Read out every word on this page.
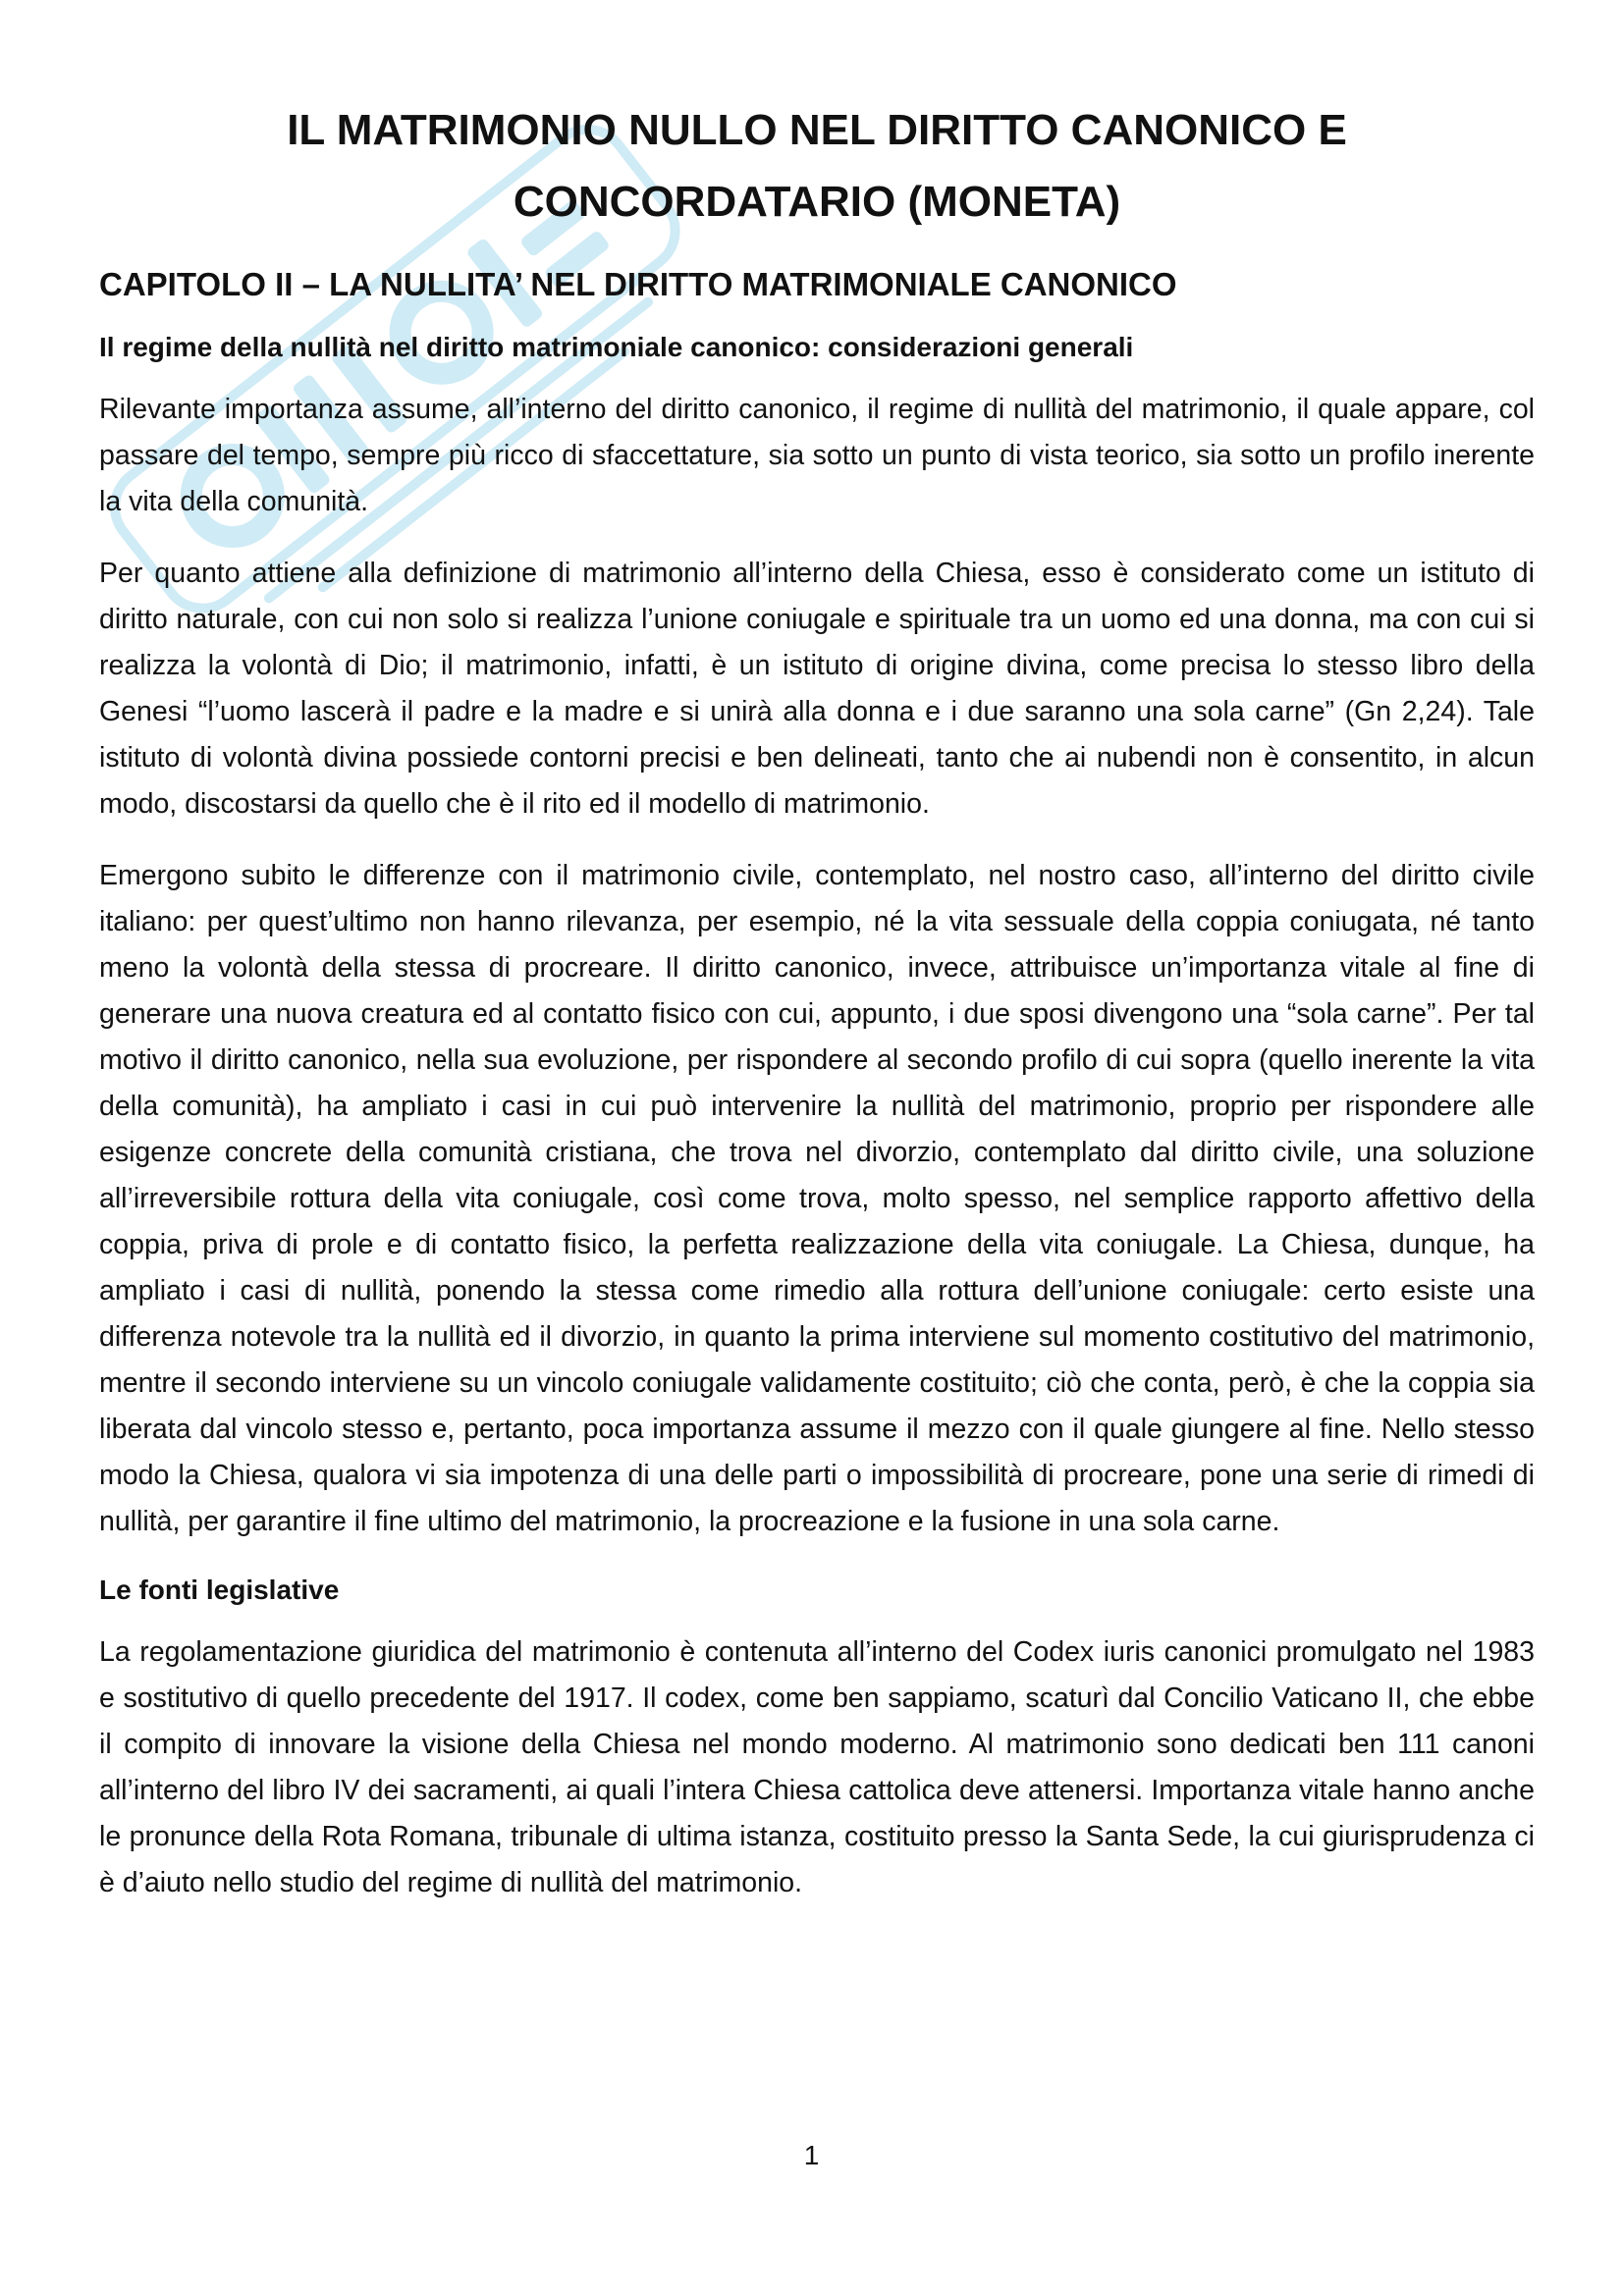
IL MATRIMONIO NULLO NEL DIRITTO CANONICO E CONCORDATARIO (MONETA)
CAPITOLO II – LA NULLITA’ NEL DIRITTO MATRIMONIALE CANONICO
Il regime della nullità nel diritto matrimoniale canonico: considerazioni generali

Rilevante importanza assume, all’interno del diritto canonico, il regime di nullità del matrimonio, il quale appare, col passare del tempo, sempre più ricco di sfaccettature, sia sotto un punto di vista teorico, sia sotto un profilo inerente la vita della comunità.

Per quanto attiene alla definizione di matrimonio all’interno della Chiesa, esso è considerato come un istituto di diritto naturale, con cui non solo si realizza l’unione coniugale e spirituale tra un uomo ed una donna, ma con cui si realizza la volontà di Dio; il matrimonio, infatti, è un istituto di origine divina, come precisa lo stesso libro della Genesi “l’uomo lascerà il padre e la madre e si unirà alla donna e i due saranno una sola carne” (Gn 2,24). Tale istituto di volontà divina possiede contorni precisi e ben delineati, tanto che ai nubendi non è consentito, in alcun modo, discostarsi da quello che è il rito ed il modello di matrimonio.

Emergono subito le differenze con il matrimonio civile, contemplato, nel nostro caso, all’interno del diritto civile italiano: per quest’ultimo non hanno rilevanza, per esempio, né la vita sessuale della coppia coniugata, né tanto meno la volontà della stessa di procreare. Il diritto canonico, invece, attribuisce un’importanza vitale al fine di generare una nuova creatura ed al contatto fisico con cui, appunto, i due sposi divengono una “sola carne”. Per tal motivo il diritto canonico, nella sua evoluzione, per rispondere al secondo profilo di cui sopra (quello inerente la vita della comunità), ha ampliato i casi in cui può intervenire la nullità del matrimonio, proprio per rispondere alle esigenze concrete della comunità cristiana, che trova nel divorzio, contemplato dal diritto civile, una soluzione all’irreversibile rottura della vita coniugale, così come trova, molto spesso, nel semplice rapporto affettivo della coppia, priva di prole e di contatto fisico, la perfetta realizzazione della vita coniugale. La Chiesa, dunque, ha ampliato i casi di nullità, ponendo la stessa come rimedio alla rottura dell’unione coniugale: certo esiste una differenza notevole tra la nullità ed il divorzio, in quanto la prima interviene sul momento costitutivo del matrimonio, mentre il secondo interviene su un vincolo coniugale validamente costituito; ciò che conta, però, è che la coppia sia liberata dal vincolo stesso e, pertanto, poca importanza assume il mezzo con il quale giungere al fine. Nello stesso modo la Chiesa, qualora vi sia impotenza di una delle parti o impossibilità di procreare, pone una serie di rimedi di nullità, per garantire il fine ultimo del matrimonio, la procreazione e la fusione in una sola carne.

Le fonti legislative

La regolamentazione giuridica del matrimonio è contenuta all’interno del Codex iuris canonici promulgato nel 1983 e sostitutivo di quello precedente del 1917. Il codex, come ben sappiamo, scaturì dal Concilio Vaticano II, che ebbe il compito di innovare la visione della Chiesa nel mondo moderno. Al matrimonio sono dedicati ben 111 canoni all’interno del libro IV dei sacramenti, ai quali l’intera Chiesa cattolica deve attenersi. Importanza vitale hanno anche le pronunce della Rota Romana, tribunale di ultima istanza, costituito presso la Santa Sede, la cui giurisprudenza ci è d’aiuto nello studio del regime di nullità del matrimonio.

1
